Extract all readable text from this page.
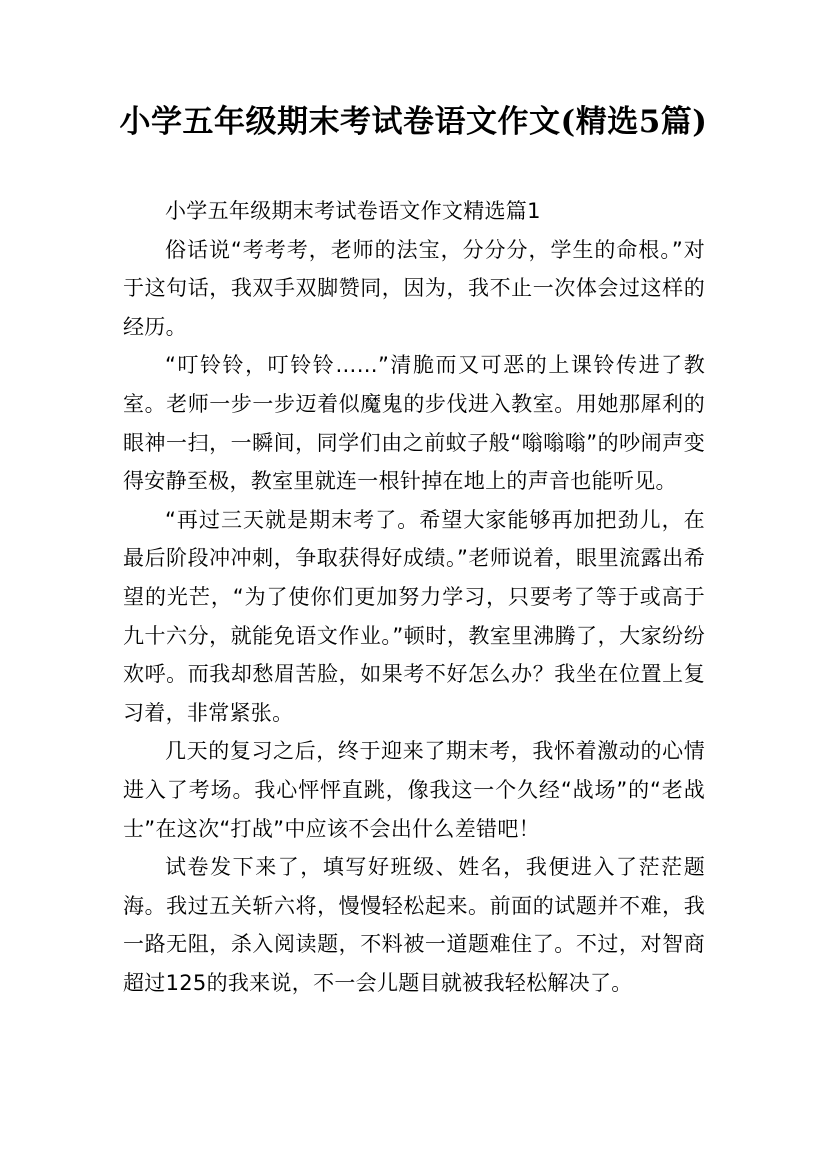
小学五年级期末考试卷语文作文(精选5篇)

小学五年级期末考试卷语文作文精选篇1

俗话说“考考考，老师的法宝，分分分，学生的命根。”对于这句话，我双手双脚赞同，因为，我不止一次体会过这样的经历。

“叮铃铃，叮铃铃……”清脆而又可恶的上课铃传进了教室。老师一步一步迈着似魔鬼的步伐进入教室。用她那犀利的眼神一扫，一瞬间，同学们由之前蚊子般“嗡嗡嗡”的吵闹声变得安静至极，教室里就连一根针掉在地上的声音也能听见。

“再过三天就是期末考了。希望大家能够再加把劲儿，在最后阶段冲冲刺，争取获得好成绩。”老师说着，眼里流露出希望的光芒，“为了使你们更加努力学习，只要考了等于或高于九十六分，就能免语文作业。”顿时，教室里沸腾了，大家纷纷欢呼。而我却愁眉苦脸，如果考不好怎么办？我坐在位置上复习着，非常紧张。

几天的复习之后，终于迎来了期末考，我怀着激动的心情进入了考场。我心怦怦直跳，像我这一个久经“战场”的“老战士”在这次“打战”中应该不会出什么差错吧！

试卷发下来了，填写好班级、姓名，我便进入了茫茫题海。我过五关斩六将，慢慢轻松起来。前面的试题并不难，我一路无阻，杀入阅读题，不料被一道题难住了。不过，对智商超过125的我来说，不一会儿题目就被我轻松解决了。
